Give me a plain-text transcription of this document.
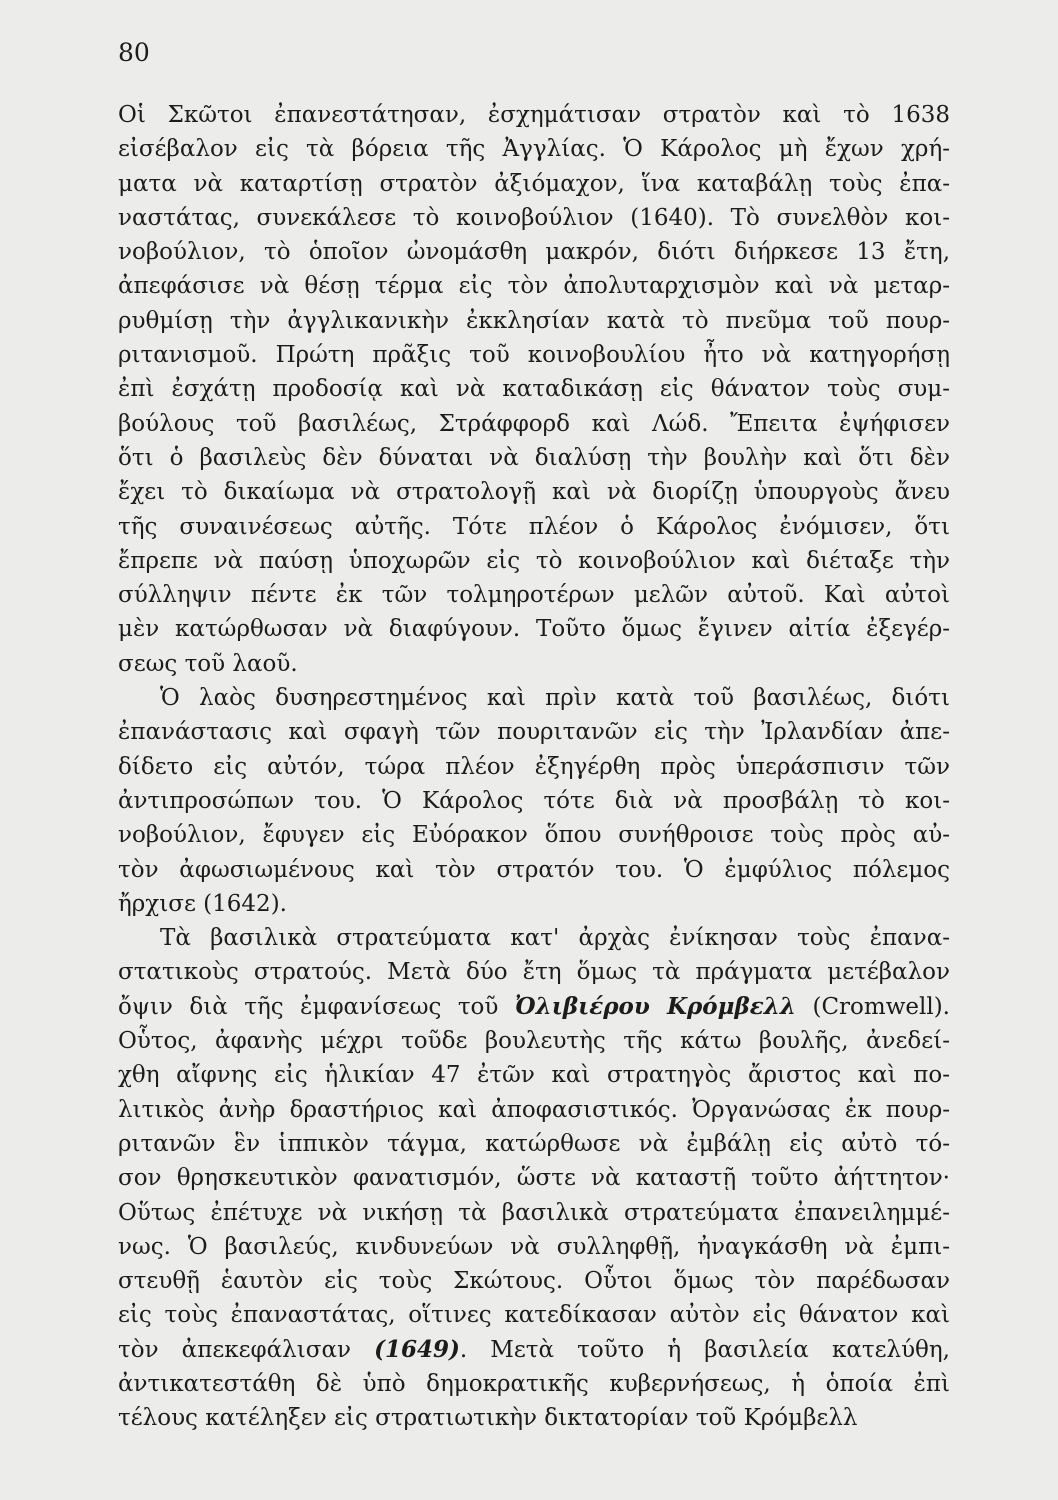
80
Οἱ Σκῶτοι ἐπανεστάτησαν, ἐσχημάτισαν στρατὸν καὶ τὸ 1638
εἰσέβαλον εἰς τὰ βόρεια τῆς Ἀγγλίας. Ὁ Κάρολος μὴ ἔχων χρή-
ματα νὰ καταρτίσῃ στρατὸν ἀξιόμαχον, ἵνα καταβάλῃ τοὺς ἐπα-
ναστάτας, συνεκάλεσε τὸ κοινοβούλιον (1640). Τὸ συνελθὸν κοι-
νοβούλιον, τὸ ὁποῖον ὠνομάσθη μακρόν, διότι διήρκεσε 13 ἔτη,
ἀπεφάσισε νὰ θέσῃ τέρμα εἰς τὸν ἀπολυταρχισμὸν καὶ νὰ μεταρ-
ρυθμίσῃ τὴν ἀγγλικανικὴν ἐκκλησίαν κατὰ τὸ πνεῦμα τοῦ πουρ-
ριτανισμοῦ. Πρώτη πρᾶξις τοῦ κοινοβουλίου ἦτο νὰ κατηγορήσῃ
ἐπὶ ἐσχάτῃ προδοσίᾳ καὶ νὰ καταδικάσῃ εἰς θάνατον τοὺς συμ-
βούλους τοῦ βασιλέως, Στράφφορδ καὶ Λώδ. Ἔπειτα ἐψήφισεν
ὅτι ὁ βασιλεὺς δὲν δύναται νὰ διαλύσῃ τὴν βουλὴν καὶ ὅτι δὲν
ἔχει τὸ δικαίωμα νὰ στρατολογῇ καὶ νὰ διορίζῃ ὑπουργοὺς ἄνευ
τῆς συναινέσεως αὐτῆς. Τότε πλέον ὁ Κάρολος ἐνόμισεν, ὅτι
ἔπρεπε νὰ παύσῃ ὑποχωρῶν εἰς τὸ κοινοβούλιον καὶ διέταξε τὴν
σύλληψιν πέντε ἐκ τῶν τολμηροτέρων μελῶν αὐτοῦ. Καὶ αὐτοὶ
μὲν κατώρθωσαν νὰ διαφύγουν. Τοῦτο ὅμως ἔγινεν αἰτία ἐξεγέρ-
σεως τοῦ λαοῦ.
Ὁ λαὸς δυσηρεστημένος καὶ πρὶν κατὰ τοῦ βασιλέως, διότι
ἐπανάστασις καὶ σφαγὴ τῶν πουριτανῶν εἰς τὴν Ἰρλανδίαν ἀπε-
δίδετο εἰς αὐτόν, τώρα πλέον ἐξηγέρθη πρὸς ὑπεράσπισιν τῶν
ἀντιπροσώπων του. Ὁ Κάρολος τότε διὰ νὰ προσβάλῃ τὸ κοι-
νοβούλιον, ἔφυγεν εἰς Εὐόρακον ὅπου συνήθροισε τοὺς πρὸς αὐ-
τὸν ἀφωσιωμένους καὶ τὸν στρατόν του. Ὁ ἐμφύλιος πόλεμος
ἤρχισε (1642).
Τὰ βασιλικὰ στρατεύματα κατ' ἀρχὰς ἐνίκησαν τοὺς ἐπανα-
στατικοὺς στρατούς. Μετὰ δύο ἔτη ὅμως τὰ πράγματα μετέβαλον
ὄψιν διὰ τῆς ἐμφανίσεως τοῦ Ὀλιβιέρου Κρόμβελλ (Cromwell).
Οὗτος, ἀφανὴς μέχρι τοῦδε βουλευτὴς τῆς κάτω βουλῆς, ἀνεδεί-
χθη αἴφνης εἰς ἡλικίαν 47 ἐτῶν καὶ στρατηγὸς ἄριστος καὶ πο-
λιτικὸς ἀνὴρ δραστήριος καὶ ἀποφασιστικός. Ὀργανώσας ἐκ πουρ-
ριτανῶν ἓν ἱππικὸν τάγμα, κατώρθωσε νὰ ἐμβάλῃ εἰς αὐτὸ τό-
σον θρησκευτικὸν φανατισμόν, ὥστε νὰ καταστῇ τοῦτο ἀήττητον·
Οὕτως ἐπέτυχε νὰ νικήσῃ τὰ βασιλικὰ στρατεύματα ἐπανειλημμέ-
νως. Ὁ βασιλεύς, κινδυνεύων νὰ συλληφθῇ, ἠναγκάσθη νὰ ἐμπι-
στευθῇ ἑαυτὸν εἰς τοὺς Σκώτους. Οὗτοι ὅμως τὸν παρέδωσαν
εἰς τοὺς ἐπαναστάτας, οἵτινες κατεδίκασαν αὐτὸν εἰς θάνατον καὶ
τὸν ἀπεκεφάλισαν (1649). Μετὰ τοῦτο ἡ βασιλεία κατελύθη,
ἀντικατεστάθη δὲ ὑπὸ δημοκρατικῆς κυβερνήσεως, ἡ ὁποία ἐπὶ
τέλους κατέληξεν εἰς στρατιωτικὴν δικτατορίαν τοῦ Κρόμβελλ
